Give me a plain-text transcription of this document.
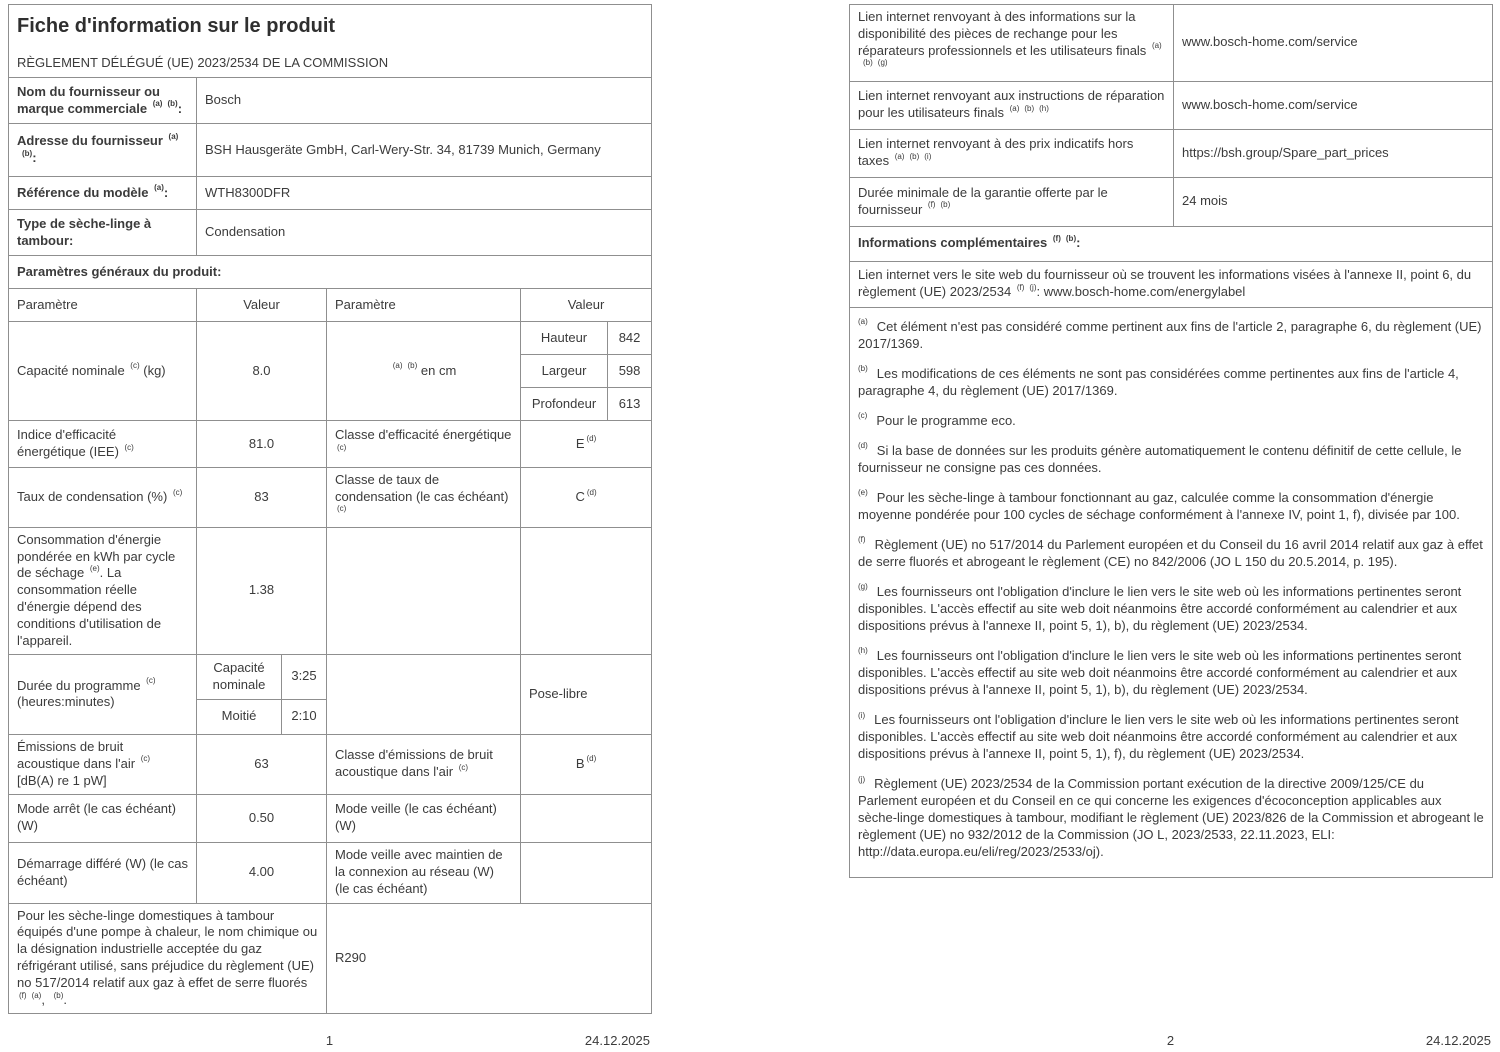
Fiche d'information sur le produit
RÈGLEMENT DÉLÉGUÉ (UE) 2023/2534 DE LA COMMISSION					

Nom du fournisseur ou marque commerciale $^{(a)}$ $^{(b)}$:	Bosch				
Adresse du fournisseur $^{(a)(b)}$:	BSH Hausgeräte GmbH, Carl-Wery-Str. 34, 81739 Munich, Germany				
Référence du modèle $^{(a)}$:	WTH8300DFR				
Type de sèche-linge à tambour:	Condensation				
Paramètres généraux du produit:					
Paramètre	Valeur		Paramètre	Valeur	
Capacité nominale $^{(c)}$ (kg)	8.0		$^{(a)}$ $^{(b)}$ en cm	Hauteur	842
				Largeur	598
				Profondeur	613
Indice d'efficacité énergétique (IEE) $^{(c)}$	81.0		Classe d'efficacité énergétique $^{(c)}$	E $^{(d)}$
Taux de condensation (%) $^{(c)}$	83		Classe de taux de condensation (le cas échéant) $^{(c)}$	C $^{(d)}$
Consommation d'énergie pondérée en kWh par cycle de séchage $^{(e)}$. La consommation réelle d'énergie dépend des conditions d'utilisation de l'appareil.	1.38				
Durée du programme $^{(c)}$ (heures:minutes)	Capacité nominale	3:25		Pose-libre	
	Moitié	2:10			
Émissions de bruit acoustique dans l'air $^{(c)}$ [dB(A) re 1 pW]	63		Classe d'émissions de bruit acoustique dans l'air $^{(c)}$	B $^{(d)}$
Mode arrêt (le cas échéant) (W)	0.50		Mode veille (le cas échéant) (W)		
Démarrage différé (W) (le cas échéant)	4.00		Mode veille avec maintien de la connexion au réseau (W) (le cas échéant)		
Pour les sèche-linge domestiques à tambour équipés d'une pompe à chaleur, le nom chimique ou la désignation industrielle acceptée du gaz réfrigérant utilisé, sans préjudice du règlement (UE) no 517/2014 relatif aux gaz à effet de serre fluorés $^{(f)}$ $^{(a)}$, $^{(b)}$.			R290		
Lien internet renvoyant à des informations sur la disponibilité des pièces de rechange pour les réparateurs professionnels et les utilisateurs finals $^{(a)(b)}$ $^{(g)}$	www.bosch-home.com/service
Lien internet renvoyant aux instructions de réparation pour les utilisateurs finals $^{(a)}$ $^{(b)}$ $^{(h)}$	www.bosch-home.com/service
Lien internet renvoyant à des prix indicatifs hors taxes $^{(a)}$ $^{(b)}$ $^{(i)}$	https://bsh.group/Spare_part_prices
Durée minimale de la garantie offerte par le fournisseur $^{(f)}$ $^{(b)}$	24 mois
Informations complémentaires $^{(f)}$ $^{(b)}$:	
Lien internet vers le site web du fournisseur où se trouvent les informations visées à l'annexe II, point 6, du règlement (UE) 2023/2534 $^{(f)}$ $^{(j)}$: www.bosch-home.com/energylabel	

$^{(a)}$ Cet élément n'est pas considéré comme pertinent aux fins de l'article 2, paragraphe 6, du règlement (UE) 2017/1369.

$^{(b)}$ Les modifications de ces éléments ne sont pas considérées comme pertinentes aux fins de l'article 4, paragraphe 4, du règlement (UE) 2017/1369.

$^{(c)}$ Pour le programme eco.

$^{(d)}$ Si la base de données sur les produits génère automatiquement le contenu définitif de cette cellule, le fournisseur ne consigne pas ces données.

$^{(e)}$ Pour les sèche-linge à tambour fonctionnant au gaz, calculée comme la consommation d'énergie moyenne pondérée pour 100 cycles de séchage conformément à l'annexe IV, point 1, f), divisée par 100.

$^{(f)}$ Règlement (UE) no 517/2014 du Parlement européen et du Conseil du 16 avril 2014 relatif aux gaz à effet de serre fluorés et abrogeant le règlement (CE) no 842/2006 (JO L 150 du 20.5.2014, p. 195).

$^{(g)}$ Les fournisseurs ont l'obligation d'inclure le lien vers le site web où les informations pertinentes seront disponibles. L'accès effectif au site web doit néanmoins être accordé conformément au calendrier et aux dispositions prévus à l'annexe II, point 5, 1), b), du règlement (UE) 2023/2534.

$^{(h)}$ Les fournisseurs ont l'obligation d'inclure le lien vers le site web où les informations pertinentes seront disponibles. L'accès effectif au site web doit néanmoins être accordé conformément au calendrier et aux dispositions prévus à l'annexe II, point 5, 1), b), du règlement (UE) 2023/2534.

$^{(i)}$ Les fournisseurs ont l'obligation d'inclure le lien vers le site web où les informations pertinentes seront disponibles. L'accès effectif au site web doit néanmoins être accordé conformément au calendrier et aux dispositions prévus à l'annexe II, point 5, 1), f), du règlement (UE) 2023/2534.

$^{(j)}$ Règlement (UE) 2023/2534 de la Commission portant exécution de la directive 2009/125/CE du Parlement européen et du Conseil en ce qui concerne les exigences d'écoconception applicables aux sèche-linge domestiques à tambour, modifiant le règlement (UE) 2023/826 de la Commission et abrogeant le règlement (UE) no 932/2012 de la Commission (JO L, 2023/2533, 22.11.2023, ELI: http://data.europa.eu/eli/reg/2023/2533/oj).

1	24.12.2025	2	24.12.2025
